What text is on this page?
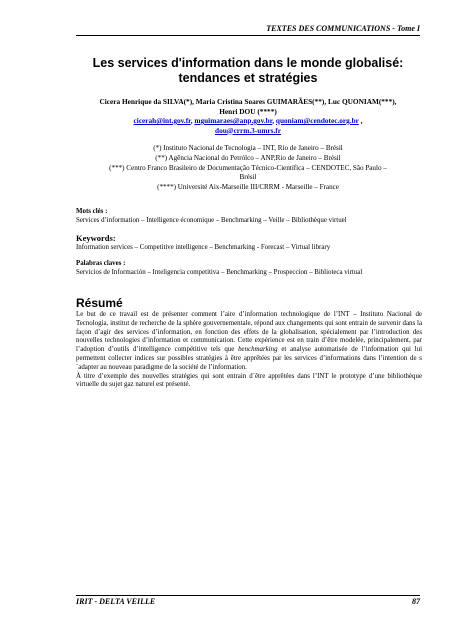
TEXTES DES COMMUNICATIONS - Tome I
Les services d'information dans le monde globalisé:
tendances et stratégies
Cicera Henrique da SILVA(*), Maria Cristina Soares GUIMARÃES(**), Luc QUONIAM(***),
Henri DOU (****)
cicerah@int.gov.fr, mguimaraes@anp.gov.br, quoniam@cendotec.org.br ,
dou@crrm.3-umrs.fr
(*) Instituto Nacional de Tecnologia – INT, Rio de Janeiro – Brésil
(**) Agência Nacional do Petrólco – ANP,Rio de Janeiro – Brésil
(***) Centro Franco Brasileiro de Documentação Técnico-Científica – CENDOTEC, São Paulo –
Brésil
(****) Université Aix-Marseille III/CRRM - Marseille – France
Mots clés :
Services d’information – Intelligence économique – Benchmarking – Veille – Bibliothèque virtuel
Keywords:
Information services – Competitive intelligence – Benchmarking - Forecast – Virtual library
Palabras claves :
Servicios de Información – Inteligencia competitiva – Benchmarking – Prospeccion – Biblioteca virtual
Résumé

Le but de ce travail est de présenter comment l’aire d’information technologique de l’INT – Instituto Nacional de Tecnologia, institut de recherche de la sphère gouvernementale, répond aux changements qui sont entrain de survenir dans la façon d’agir des services d’information, en fonction des effets de la globalisation, spécialement par l’introduction des nouvelles technologies d’information et communication. Cette expérience est en train d’être modelée, principalement, par l’adoption d’outils d’intelligence compétitive tels que benchmarking et analyse automatisée de l’information qui lui permettent collecter indices sur possibles stratégies à être apprêtées par les services d’informations dans l’intention de s´adapter au nouveau paradigme de la société de l’information.

À titre d’exemple des nouvelles stratégies qui sont entrain d´être apprêtées dans l’INT le prototype d’une bibliothèque virtuelle du sujet gaz naturel est présenté.

IRIT - DELTA VEILLE	87
